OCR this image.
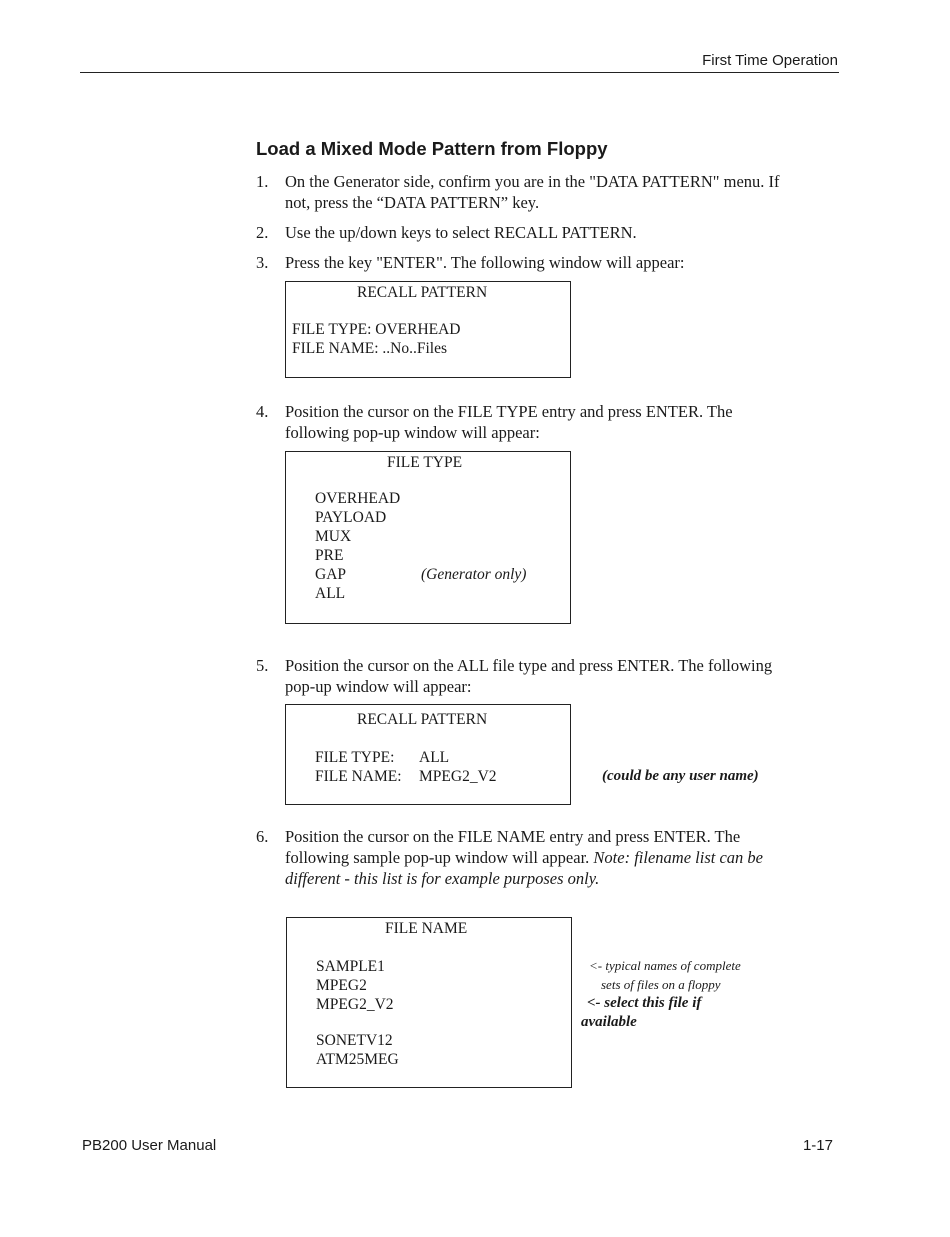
First Time Operation
Load a Mixed Mode Pattern from Floppy
1. On the Generator side, confirm you are in the "DATA PATTERN" menu. If
not, press the “DATA PATTERN” key.
2. Use the up/down keys to select RECALL PATTERN.
3. Press the key "ENTER". The following window will appear:
RECALL PATTERN
FILE TYPE: OVERHEAD
FILE NAME: ..No..Files
4. Position the cursor on the FILE TYPE entry and press ENTER. The
following pop-up window will appear:
FILE TYPE
OVERHEAD
PAYLOAD
MUX
PRE
GAP	(Generator only)
ALL
5. Position the cursor on the ALL file type and press ENTER. The following
pop-up window will appear:
RECALL PATTERN
FILE TYPE: ALL
FILE NAME: MPEG2_V2	(could be any user name)
6. Position the cursor on the FILE NAME entry and press ENTER. The
following sample pop-up window will appear. Note: filename list can be
different - this list is for example purposes only.
FILE NAME
SAMPLE1
MPEG2
MPEG2_V2
SONETV12
ATM25MEG
<- typical names of complete
sets of files on a floppy
<- select this file if
available
PB200 User Manual	1-17
